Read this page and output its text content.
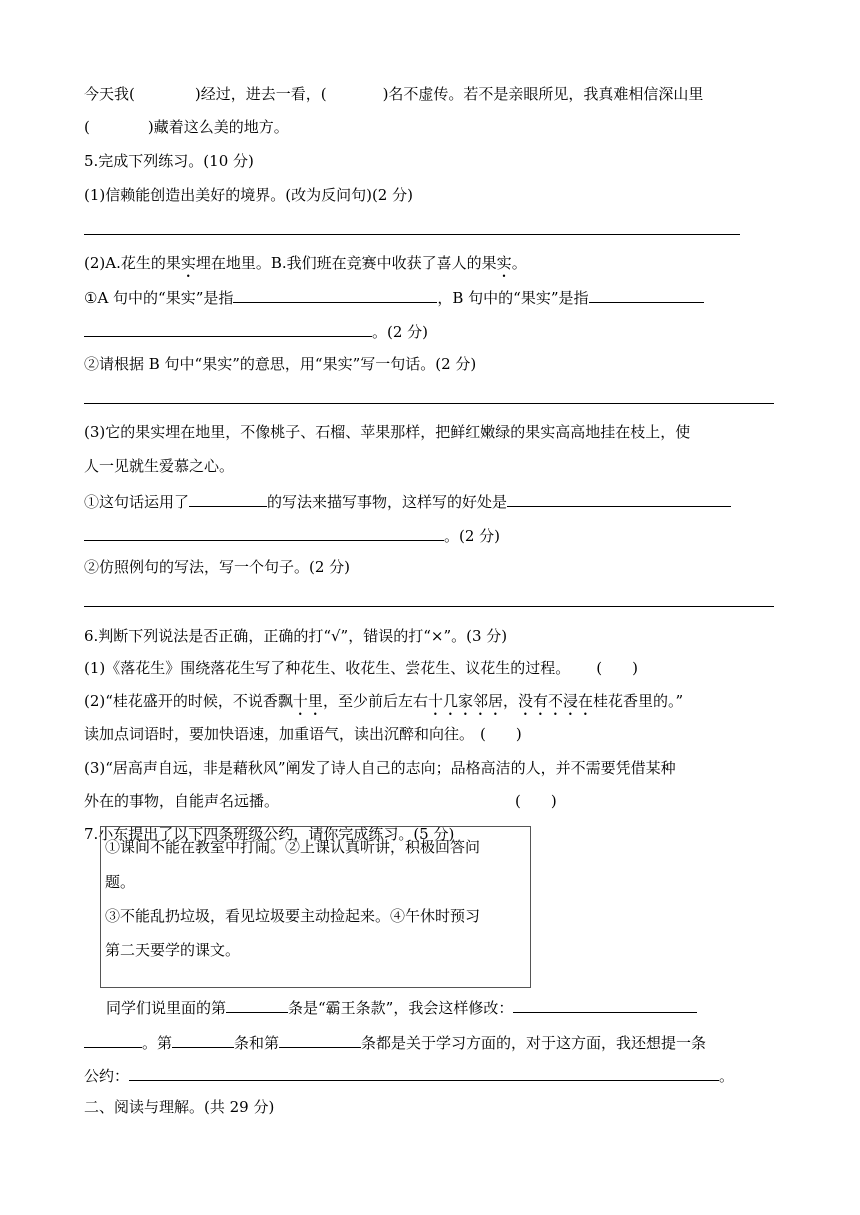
今天我(	)经过，进去一看，(	)名不虚传。若不是亲眼所见，我真难相信深山里
(	)藏着这么美的地方。
5.完成下列练习。(10 分)
(1)信赖能创造出美好的境界。(改为反问句)(2 分)
(2)A.花生的果实埋在地里。B.我们班在竞赛中收获了喜人的果实。
①A 句中的“果实”是指	，B 句中的“果实”是指
。(2 分)
②请根据 B 句中“果实”的意思，用“果实”写一句话。(2 分)
(3)它的果实埋在地里，不像桃子、石榴、苹果那样，把鲜红嫩绿的果实高高地挂在枝上，使
人一见就生爱慕之心。
①这句话运用了	的写法来描写事物，这样写的好处是
。(2 分)
②仿照例句的写法，写一个句子。(2 分)
6.判断下列说法是否正确，正确的打“√”，错误的打“×”。(3 分)
(1)《落花生》围绕落花生写了种花生、收花生、尝花生、议花生的过程。 (　　)
(2)“桂花盛开的时候，不说香飘十里，至少前后左右十几家邻居，没有不浸在桂花香里的。”
读加点词语时，要加快语速，加重语气，读出沉醉和向往。 (　　)
(3)“居高声自远，非是藉秋风”阐发了诗人自己的志向；品格高洁的人，并不需要凭借某种
外在的事物，自能声名远播。	(　　)
7.小东提出了以下四条班级公约，请你完成练习。(5 分)
①课间不能在教室中打闹。②上课认真听讲，积极回答问
题。
③不能乱扔垃圾，看见垃圾要主动捡起来。④午休时预习
第二天要学的课文。
同学们说里面的第	条是“霸王条款”，我会这样修改：
。第	条和第	条都是关于学习方面的，对于这方面，我还想提一条
公约：	。
二、阅读与理解。(共 29 分)
